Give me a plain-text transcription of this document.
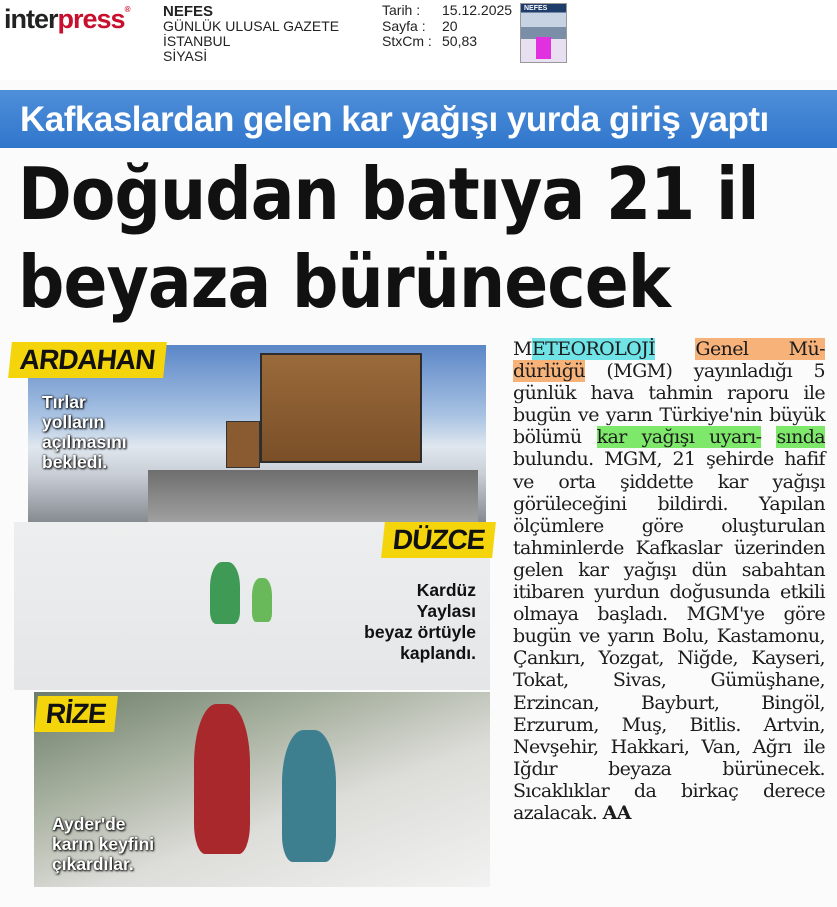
interpress® NEFES
GÜNLÜK ULUSAL GAZETE
İSTANBUL
SİYASİ
Tarih :	15.12.2025
Sayfa :	20
StxCm : 50,83
NEFES
Kafkaslardan gelen kar yağışı yurda giriş yaptı
Doğudan batıya 21 il
beyaza bürünecek
ARDAHAN
Tırlar
yolların
açılmasını
bekledi.
DÜZCE
Kardüz
Yaylası
beyaz örtüyle
kaplandı.
RİZE
Ayder'de
karın keyfini
çıkardılar.

METEOROLOJİ Genel Mü- dürlüğü (MGM) yayınladığı 5 günlük hava tahmin raporu ile bugün ve yarın Türkiye'nin büyük bölümü kar yağışı uyarı- sında bulundu. MGM, 21 şehirde hafif ve orta şiddette kar yağışı görüleceğini bildirdi. Yapılan ölçümlere göre oluşturulan tahminlerde Kafkaslar üzerinden gelen kar yağışı dün sabahtan itibaren yurdun doğusunda etkili olmaya başladı. MGM'ye göre bugün ve yarın Bolu, Kastamonu, Çankırı, Yozgat, Niğde, Kayseri, Tokat, Sivas, Gümüşhane, Erzincan, Bayburt, Bingöl, Erzurum, Muş, Bitlis. Artvin, Nevşehir, Hakkari, Van, Ağrı ile Iğdır beyaza bürünecek. Sıcaklıklar da birkaç derece azalacak. AA
